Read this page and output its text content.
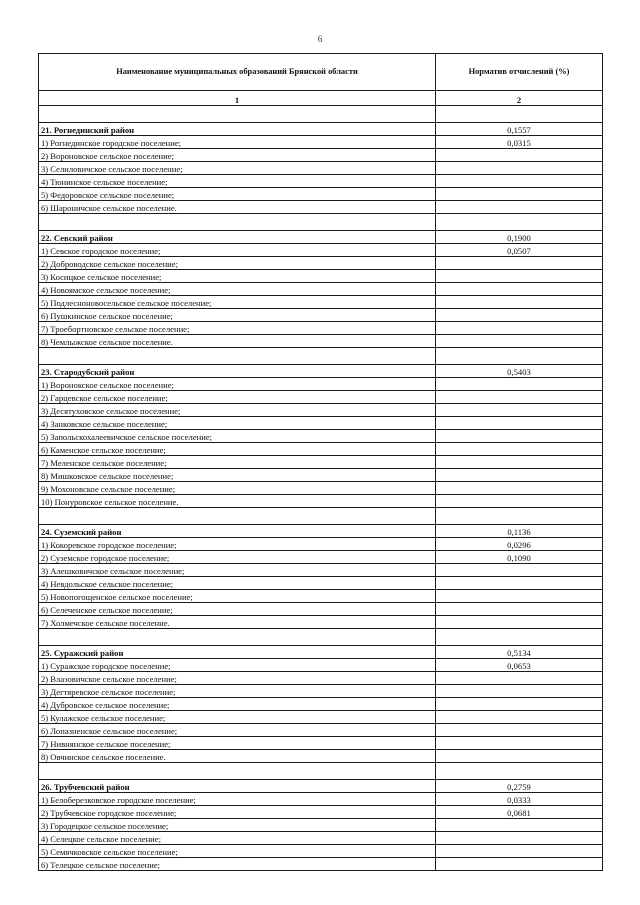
6
Наименование муниципальных образований Брянской области	Норматив отчислений (%)
1	2

21. Рогнединский район	0,1557
1) Рогнединское городское поселение;	0,0315
2) Вороновское сельское поселение;	
3) Селиловичское сельское поселение;	
4) Тюнинское сельское поселение;	
5) Федоровское сельское поселение;	
6) Шароничское сельское поселение.	

22. Севский район	0,1900
1) Севское городское поселение;	0,0507
2) Доброводское сельское поселение;	
3) Косицкое сельское поселение;	
4) Новоямское сельское поселение;	
5) Подлесноновосельское сельское поселение;	
6) Пушкинское сельское поселение;	
7) Троебортновское сельское поселение;	
8) Чемлыжское сельское поселение.	

23. Стародубский район	0,5403
1) Воронокское сельское поселение;	
2) Гарцевское сельское поселение;	
3) Десятуховское сельское поселение;	
4) Занковское сельское поселение;	
5) Запольскохалеевичское сельское поселение;	
6) Каменское сельское поселение;	
7) Меленское сельское поселение;	
8) Мишковское сельское поселение;	
9) Мохоновское сельское поселение;	
10) Понуровское сельское поселение.	

24. Суземский район	0,1136
1) Кокоревское городское поселение;	0,0296
2) Суземское городское поселение;	0,1090
3) Алешковичское сельское поселение;	
4) Невдольское сельское поселение;	
5) Новопогощенское сельское поселение;	
6) Селеченское сельское поселение;	
7) Холмечское сельское поселение.	

25. Суражский район	0,5134
1) Суражское городское поселение;	0,0653
2) Влазовичское сельское поселение;	
3) Дегтяревское сельское поселение;	
4) Дубровское сельское поселение;	
5) Кулажское сельское поселение;	
6) Лопазненское сельское поселение;	
7) Нивнянское сельское поселение;	
8) Овчинское сельское поселение.	

26. Трубчевский район	0,2759
1) Белоберезковское городское поселение;	0,0333
2) Трубчевское городское поселение;	0,0681
3) Городецкое сельское поселение;	
4) Селецкое сельское поселение;	
5) Семячковское сельское поселение;	
6) Телецкое сельское поселение;	
